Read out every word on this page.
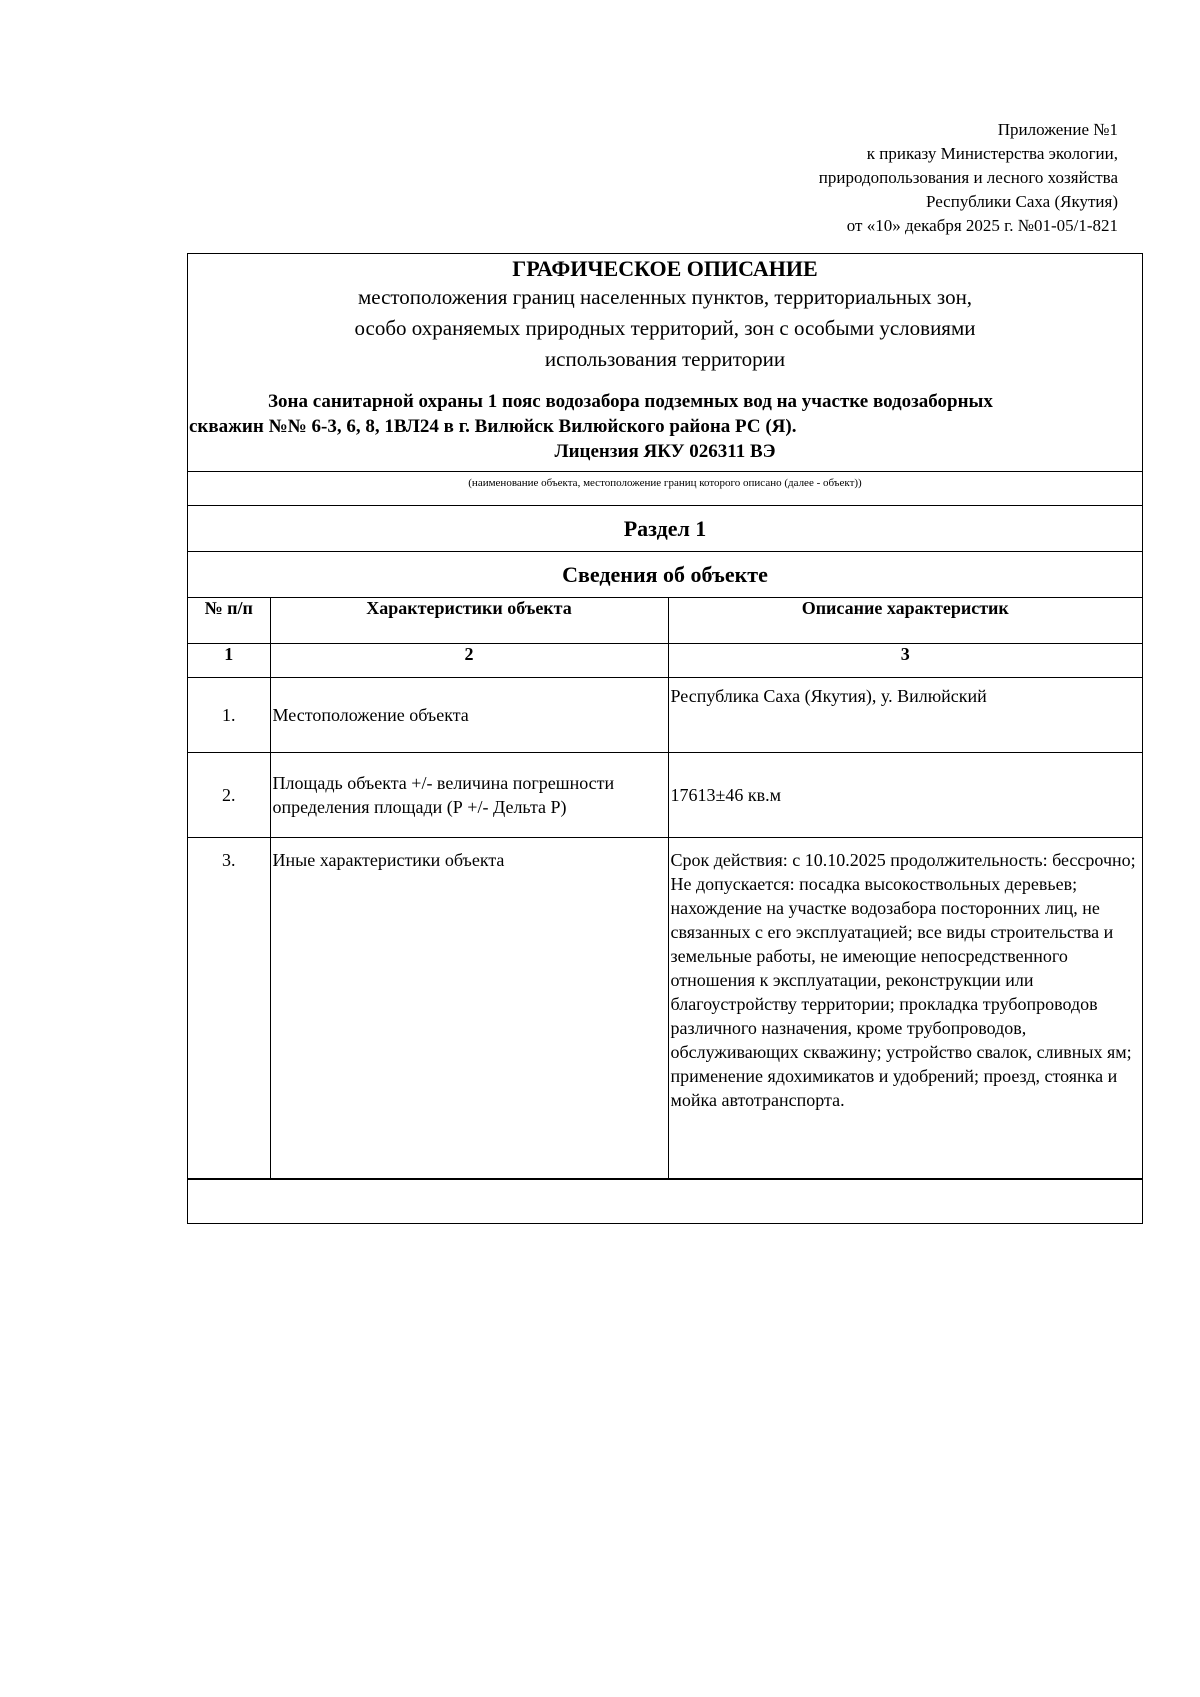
Приложение №1
к приказу Министерства экологии,
природопользования и лесного хозяйства
Республики Саха (Якутия)
от «10» декабря 2025 г. №01-05/1-821
ГРАФИЧЕСКОЕ ОПИСАНИЕ
местоположения границ населенных пунктов, территориальных зон,
особо охраняемых природных территорий, зон с особыми условиями
использования территории
Зона санитарной охраны 1 пояс водозабора подземных вод на участке водозаборных
скважин №№ 6-3, 6, 8, 1ВЛ24 в г. Вилюйск Вилюйского района РС (Я).
Лицензия ЯКУ 026311 ВЭ
(наименование объекта, местоположение границ которого описано (далее - объект))
Раздел 1
Сведения об объекте
№ п/п	Характеристики объекта	Описание характеристик
1	2	3
1.	Местоположение объекта	Республика Саха (Якутия), у. Вилюйский
2.	Площадь объекта +/- величина погрешности определения площади (Р +/- Дельта Р)	17613±46 кв.м
3.	Иные характеристики объекта	Срок действия: с 10.10.2025 продолжительность: бессрочно; Не допускается: посадка высокоствольных деревьев; нахождение на участке водозабора посторонних лиц, не связанных с его эксплуатацией; все виды строительства и земельные работы, не имеющие непосредственного отношения к эксплуатации, реконструкции или благоустройству территории; прокладка трубопроводов различного назначения, кроме трубопроводов, обслуживающих скважину; устройство свалок, сливных ям; применение ядохимикатов и удобрений; проезд, стоянка и мойка автотранспорта.
